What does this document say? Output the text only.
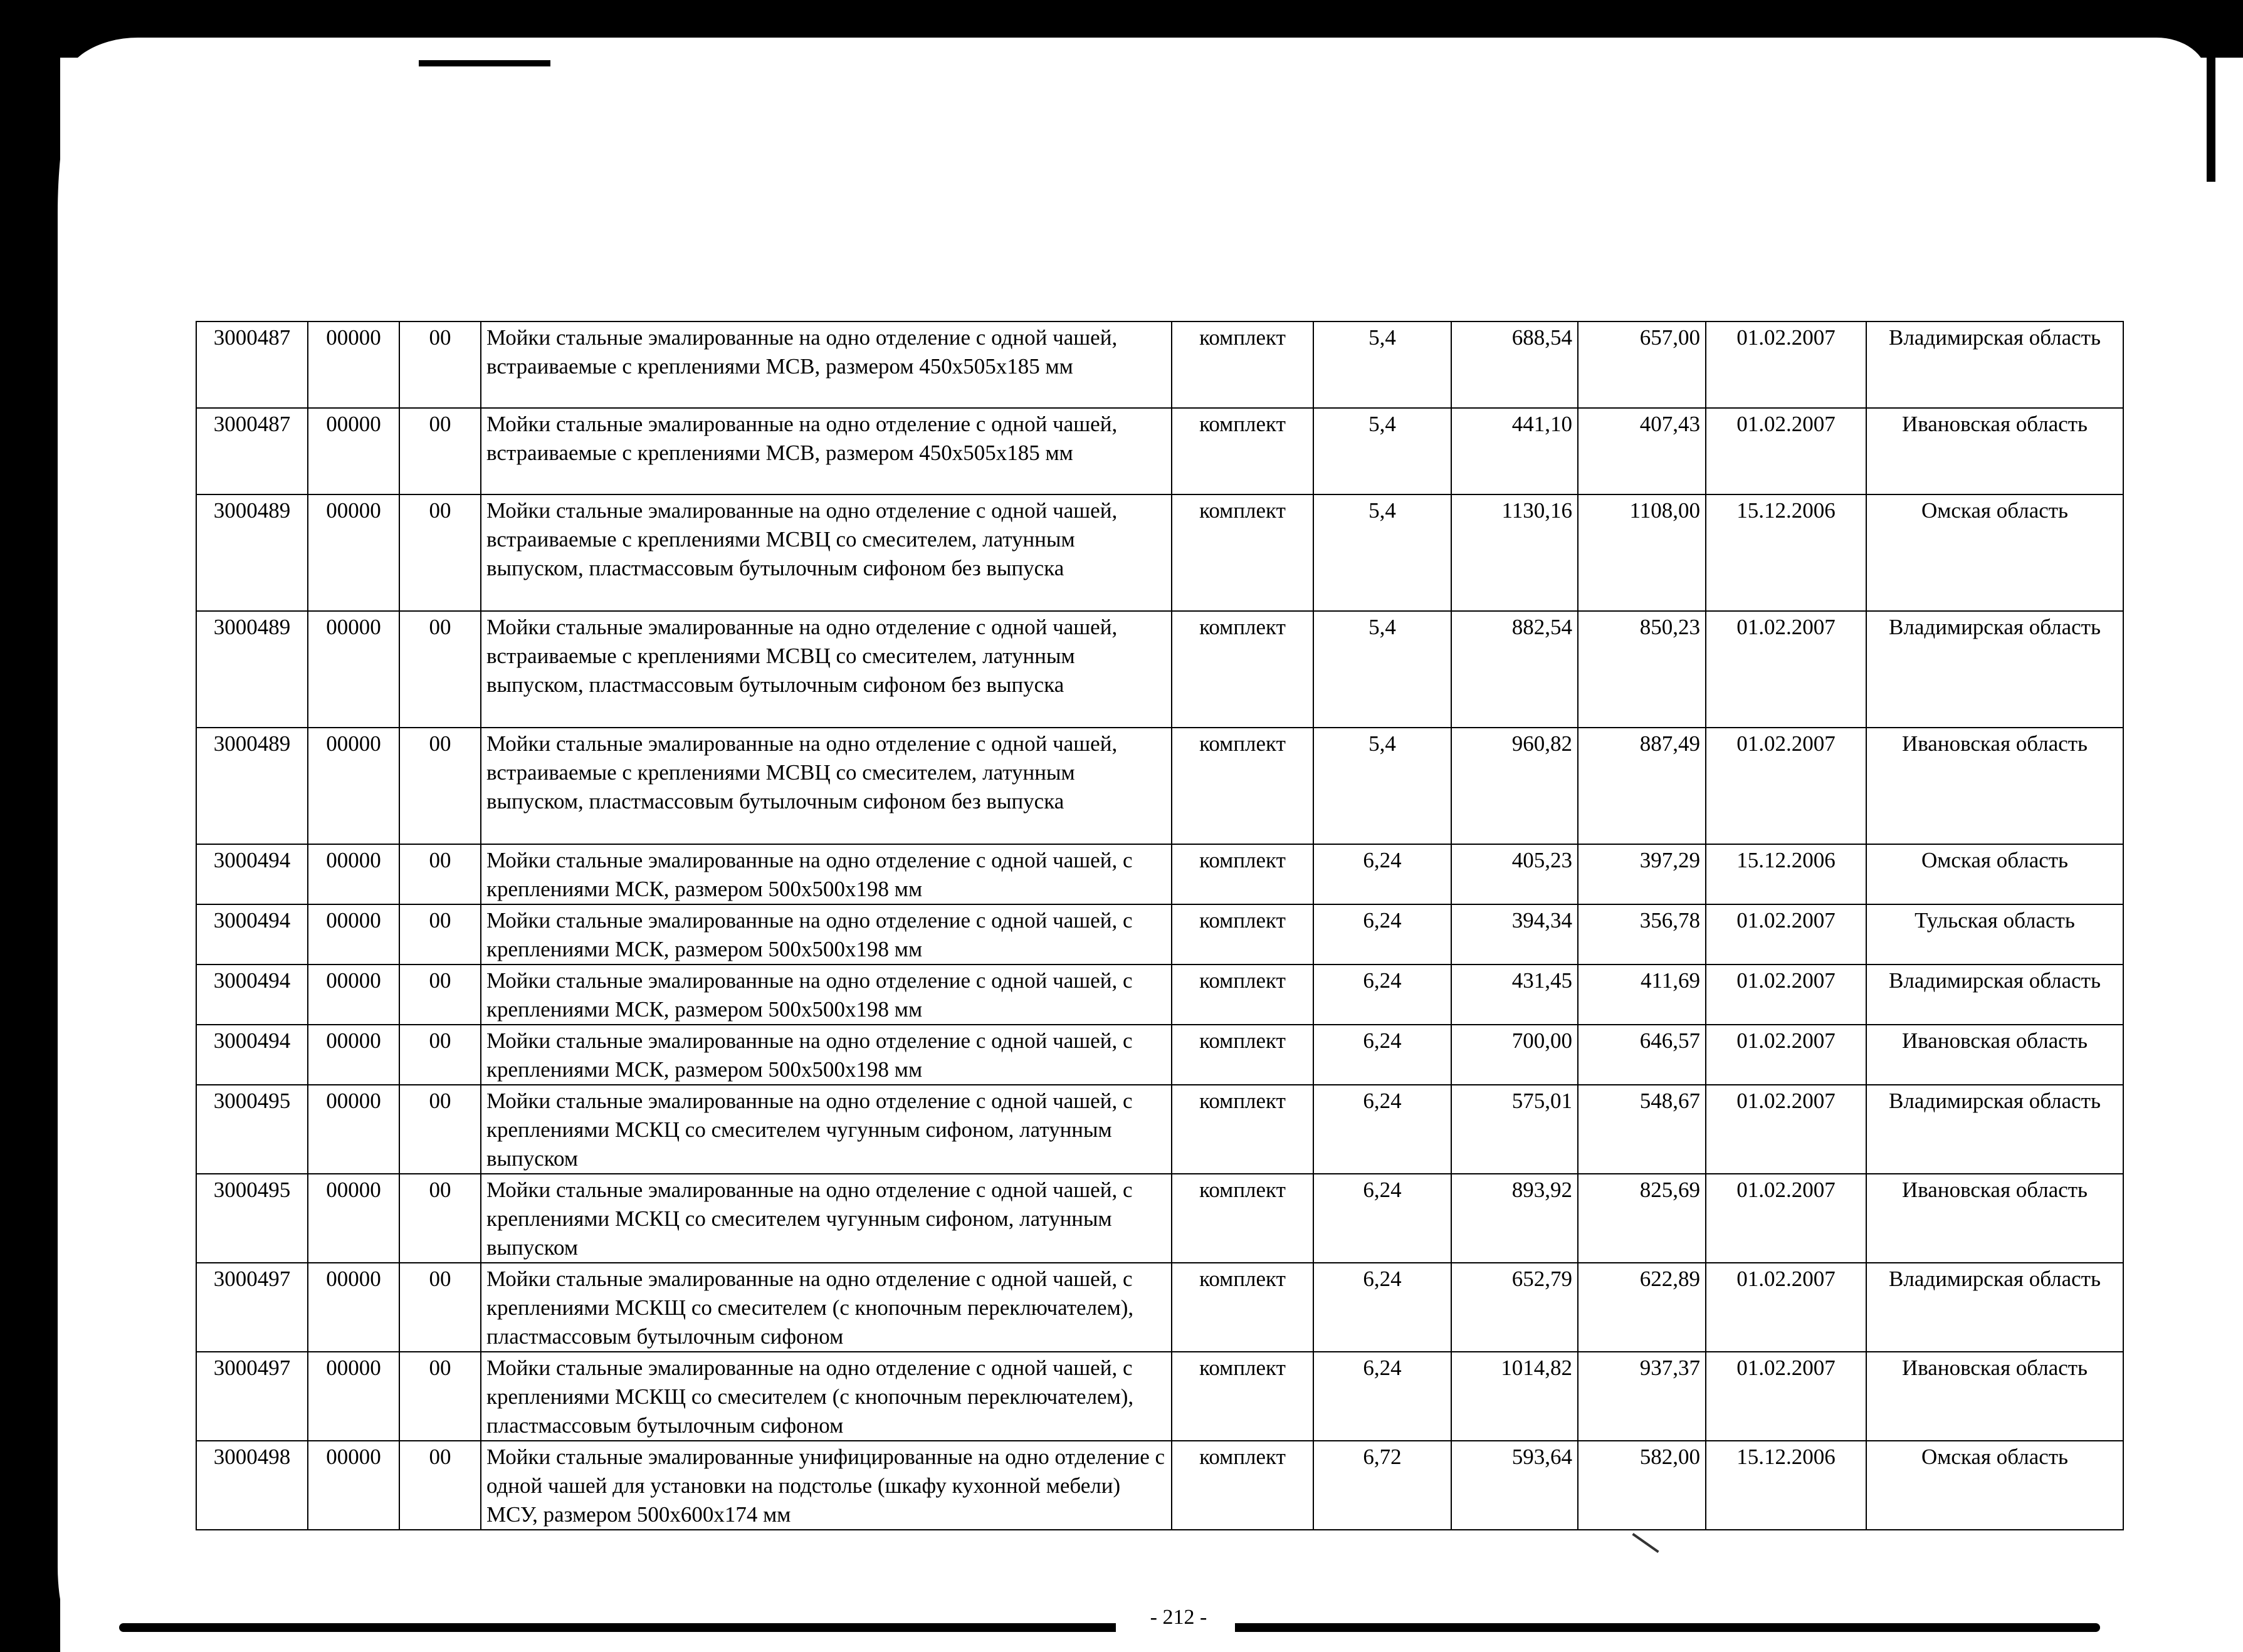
3000487	00000	00	Мойки стальные эмалированные на одно отделение с одной чашей, встраиваемые с креплениями МСВ, размером 450x505x185 мм	комплект	5,4	688,54	657,00	01.02.2007	Владимирская область
3000487	00000	00	Мойки стальные эмалированные на одно отделение с одной чашей, встраиваемые с креплениями МСВ, размером 450x505x185 мм	комплект	5,4	441,10	407,43	01.02.2007	Ивановская область
3000489	00000	00	Мойки стальные эмалированные на одно отделение с одной чашей, встраиваемые с креплениями МСВЦ со смесителем, латунным выпуском, пластмассовым бутылочным сифоном без выпуска	комплект	5,4	1130,16	1108,00	15.12.2006	Омская область
3000489	00000	00	Мойки стальные эмалированные на одно отделение с одной чашей, встраиваемые с креплениями МСВЦ со смесителем, латунным выпуском, пластмассовым бутылочным сифоном без выпуска	комплект	5,4	882,54	850,23	01.02.2007	Владимирская область
3000489	00000	00	Мойки стальные эмалированные на одно отделение с одной чашей, встраиваемые с креплениями МСВЦ со смесителем, латунным выпуском, пластмассовым бутылочным сифоном без выпуска	комплект	5,4	960,82	887,49	01.02.2007	Ивановская область
3000494	00000	00	Мойки стальные эмалированные на одно отделение с одной чашей, с креплениями МСК, размером 500x500x198 мм	комплект	6,24	405,23	397,29	15.12.2006	Омская область
3000494	00000	00	Мойки стальные эмалированные на одно отделение с одной чашей, с креплениями МСК, размером 500x500x198 мм	комплект	6,24	394,34	356,78	01.02.2007	Тульская область
3000494	00000	00	Мойки стальные эмалированные на одно отделение с одной чашей, с креплениями МСК, размером 500x500x198 мм	комплект	6,24	431,45	411,69	01.02.2007	Владимирская область
3000494	00000	00	Мойки стальные эмалированные на одно отделение с одной чашей, с креплениями МСК, размером 500x500x198 мм	комплект	6,24	700,00	646,57	01.02.2007	Ивановская область
3000495	00000	00	Мойки стальные эмалированные на одно отделение с одной чашей, с креплениями МСКЦ со смесителем чугунным сифоном, латунным выпуском	комплект	6,24	575,01	548,67	01.02.2007	Владимирская область
3000495	00000	00	Мойки стальные эмалированные на одно отделение с одной чашей, с креплениями МСКЦ со смесителем чугунным сифоном, латунным выпуском	комплект	6,24	893,92	825,69	01.02.2007	Ивановская область
3000497	00000	00	Мойки стальные эмалированные на одно отделение с одной чашей, с креплениями МСКЩ со смесителем (с кнопочным переключателем), пластмассовым бутылочным сифоном	комплект	6,24	652,79	622,89	01.02.2007	Владимирская область
3000497	00000	00	Мойки стальные эмалированные на одно отделение с одной чашей, с креплениями МСКЩ со смесителем (с кнопочным переключателем), пластмассовым бутылочным сифоном	комплект	6,24	1014,82	937,37	01.02.2007	Ивановская область
3000498	00000	00	Мойки стальные эмалированные унифицированные на одно отделение с одной чашей для установки на подстолье (шкафу кухонной мебели) МСУ, размером 500x600x174 мм	комплект	6,72	593,64	582,00	15.12.2006	Омская область
- 212 -
